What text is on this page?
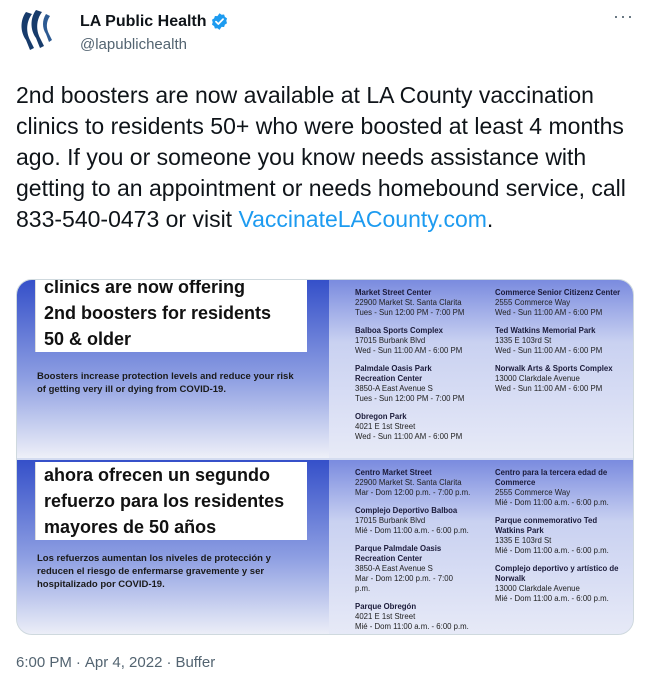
LA Public Health
@lapublichealth
···
2nd boosters are now available at LA County vaccination clinics to residents 50+ who were boosted at least 4 months ago. If you or someone you know needs assistance with getting to an appointment or needs homebound service, call 833-540-0473 or visit VaccinateLACounty.com.
clinics are now offering 2nd boosters for residents 50 & older
Boosters increase protection levels and reduce your risk of getting very ill or dying from COVID-19.
Market Street Center
22900 Market St. Santa Clarita
Tues - Sun 12:00 PM - 7:00 PM
Balboa Sports Complex
17015 Burbank Blvd
Wed - Sun 11:00 AM - 6:00 PM
Palmdale Oasis Park Recreation Center
3850-A East Avenue S
Tues - Sun 12:00 PM - 7:00 PM
Obregon Park
4021 E 1st Street
Wed - Sun 11:00 AM - 6:00 PM
Commerce Senior Citizenz Center
2555 Commerce Way
Wed - Sun 11:00 AM - 6:00 PM
Ted Watkins Memorial Park
1335 E 103rd St
Wed - Sun 11:00 AM - 6:00 PM
Norwalk Arts & Sports Complex
13000 Clarkdale Avenue
Wed - Sun 11:00 AM - 6:00 PM
ahora ofrecen un segundo refuerzo para los residentes mayores de 50 años
Los refuerzos aumentan los niveles de protección y reducen el riesgo de enfermarse gravemente y ser hospitalizado por COVID-19.
Centro Market Street
22900 Market St. Santa Clarita
Mar - Dom 12:00 p.m. - 7:00 p.m.
Complejo Deportivo Balboa
17015 Burbank Blvd
Mié - Dom 11:00 a.m. - 6:00 p.m.
Parque Palmdale Oasis Recreation Center
3850-A East Avenue S
Mar - Dom 12:00 p.m. - 7:00 p.m.
Parque Obregón
4021 E 1st Street
Mié - Dom 11:00 a.m. - 6:00 p.m.
Centro para la tercera edad de Commerce
2555 Commerce Way
Mié - Dom 11:00 a.m. - 6:00 p.m.
Parque conmemorativo Ted Watkins Park
1335 E 103rd St
Mié - Dom 11:00 a.m. - 6:00 p.m.
Complejo deportivo y artístico de Norwalk
13000 Clarkdale Avenue
Mié - Dom 11:00 a.m. - 6:00 p.m.
6:00 PM · Apr 4, 2022 · Buffer
